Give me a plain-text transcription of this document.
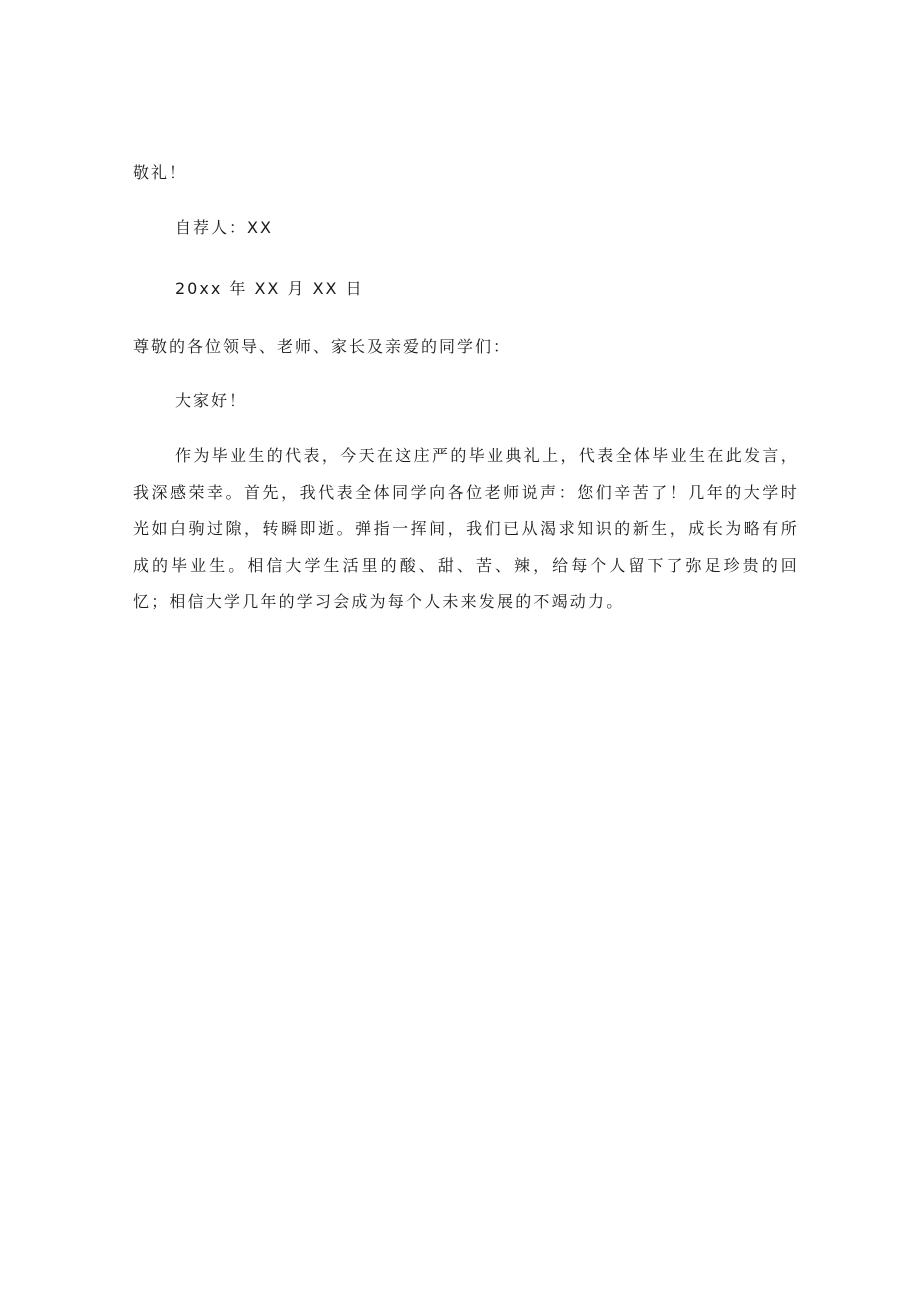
敬礼！
自荐人：XX
20xx 年 XX 月 XX 日
尊敬的各位领导、老师、家长及亲爱的同学们：
大家好！
作为毕业生的代表，今天在这庄严的毕业典礼上，代表全体毕业生在此发言，我深感荣幸。首先，我代表全体同学向各位老师说声：您们辛苦了！几年的大学时光如白驹过隙，转瞬即逝。弹指一挥间，我们已从渴求知识的新生，成长为略有所成的毕业生。相信大学生活里的酸、甜、苦、辣，给每个人留下了弥足珍贵的回忆；相信大学几年的学习会成为每个人未来发展的不竭动力。
